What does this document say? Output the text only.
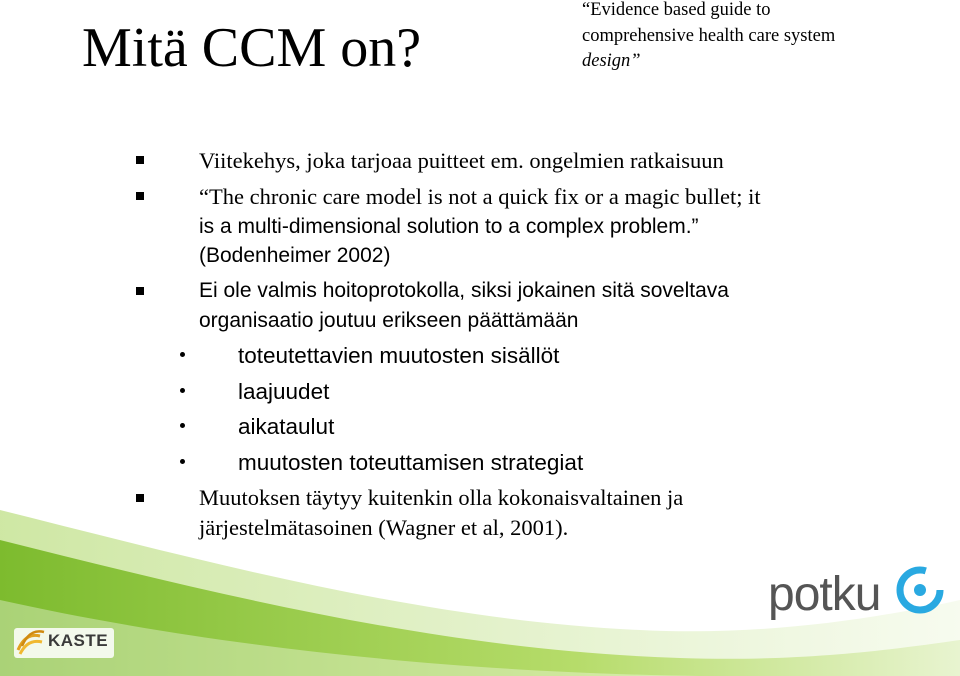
Mitä CCM on?
“Evidence based guide to
comprehensive health care system
design”
Viitekehys, joka tarjoaa puitteet em. ongelmien ratkaisuun
“The chronic care model is not a quick fix or a magic bullet; it
is a multi-dimensional solution to a complex problem.”
(Bodenheimer 2002)
Ei ole valmis hoitoprotokolla, siksi jokainen sitä soveltava
organisaatio joutuu erikseen päättämään
toteutettavien muutosten sisällöt
laajuudet
aikataulut
muutosten toteuttamisen strategiat
Muutoksen täytyy kuitenkin olla kokonaisvaltainen ja
järjestelmätasoinen (Wagner et al, 2001).
KASTE
potku
